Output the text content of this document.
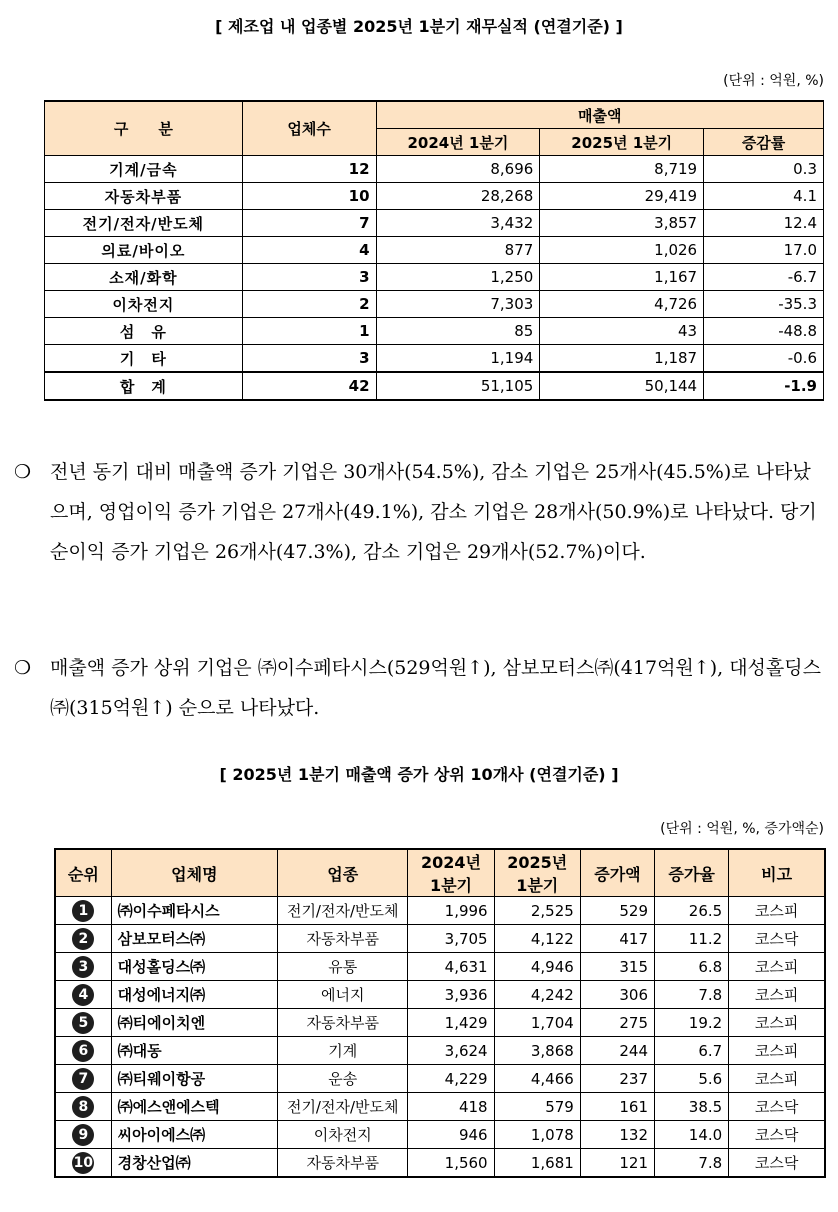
[ 제조업 내 업종별 2025년 1분기 재무실적 (연결기준) ]
(단위 : 억원, %)
구　　분	업체수	매출액		
		2024년 1분기	2025년 1분기	증감률
기계/금속	12	8,696	8,719	0.3
자동차부품	10	28,268	29,419	4.1
전기/전자/반도체	7	3,432	3,857	12.4
의료/바이오	4	877	1,026	17.0
소재/화학	3	1,250	1,167	-6.7
이차전지	2	7,303	4,726	-35.3
섬　유	1	85	43	-48.8
기　타	3	1,194	1,187	-0.6
합　계	42	51,105	50,144	-1.9
❍ 전년 동기 대비 매출액 증가 기업은 30개사(54.5%), 감소 기업은 25개사(45.5%)로 나타났으며, 영업이익 증가 기업은 27개사(49.1%), 감소 기업은 28개사(50.9%)로 나타났다. 당기순이익 증가 기업은 26개사(47.3%), 감소 기업은 29개사(52.7%)이다.
❍ 매출액 증가 상위 기업은 ㈜이수페타시스(529억원↑), 삼보모터스㈜(417억원↑), 대성홀딩스㈜(315억원↑) 순으로 나타났다.
[ 2025년 1분기 매출액 증가 상위 10개사 (연결기준) ]
(단위 : 억원, %, 증가액순)
순위	업체명	업종	2024년 1분기	2025년 1분기	증가액	증가율	비고
1	㈜이수페타시스	전기/전자/반도체	1,996	2,525	529	26.5	코스피
2	삼보모터스㈜	자동차부품	3,705	4,122	417	11.2	코스닥
3	대성홀딩스㈜	유통	4,631	4,946	315	6.8	코스피
4	대성에너지㈜	에너지	3,936	4,242	306	7.8	코스피
5	㈜티에이치엔	자동차부품	1,429	1,704	275	19.2	코스피
6	㈜대동	기계	3,624	3,868	244	6.7	코스피
7	㈜티웨이항공	운송	4,229	4,466	237	5.6	코스피
8	㈜에스앤에스텍	전기/전자/반도체	418	579	161	38.5	코스닥
9	씨아이에스㈜	이차전지	946	1,078	132	14.0	코스닥
10	경창산업㈜	자동차부품	1,560	1,681	121	7.8	코스닥
